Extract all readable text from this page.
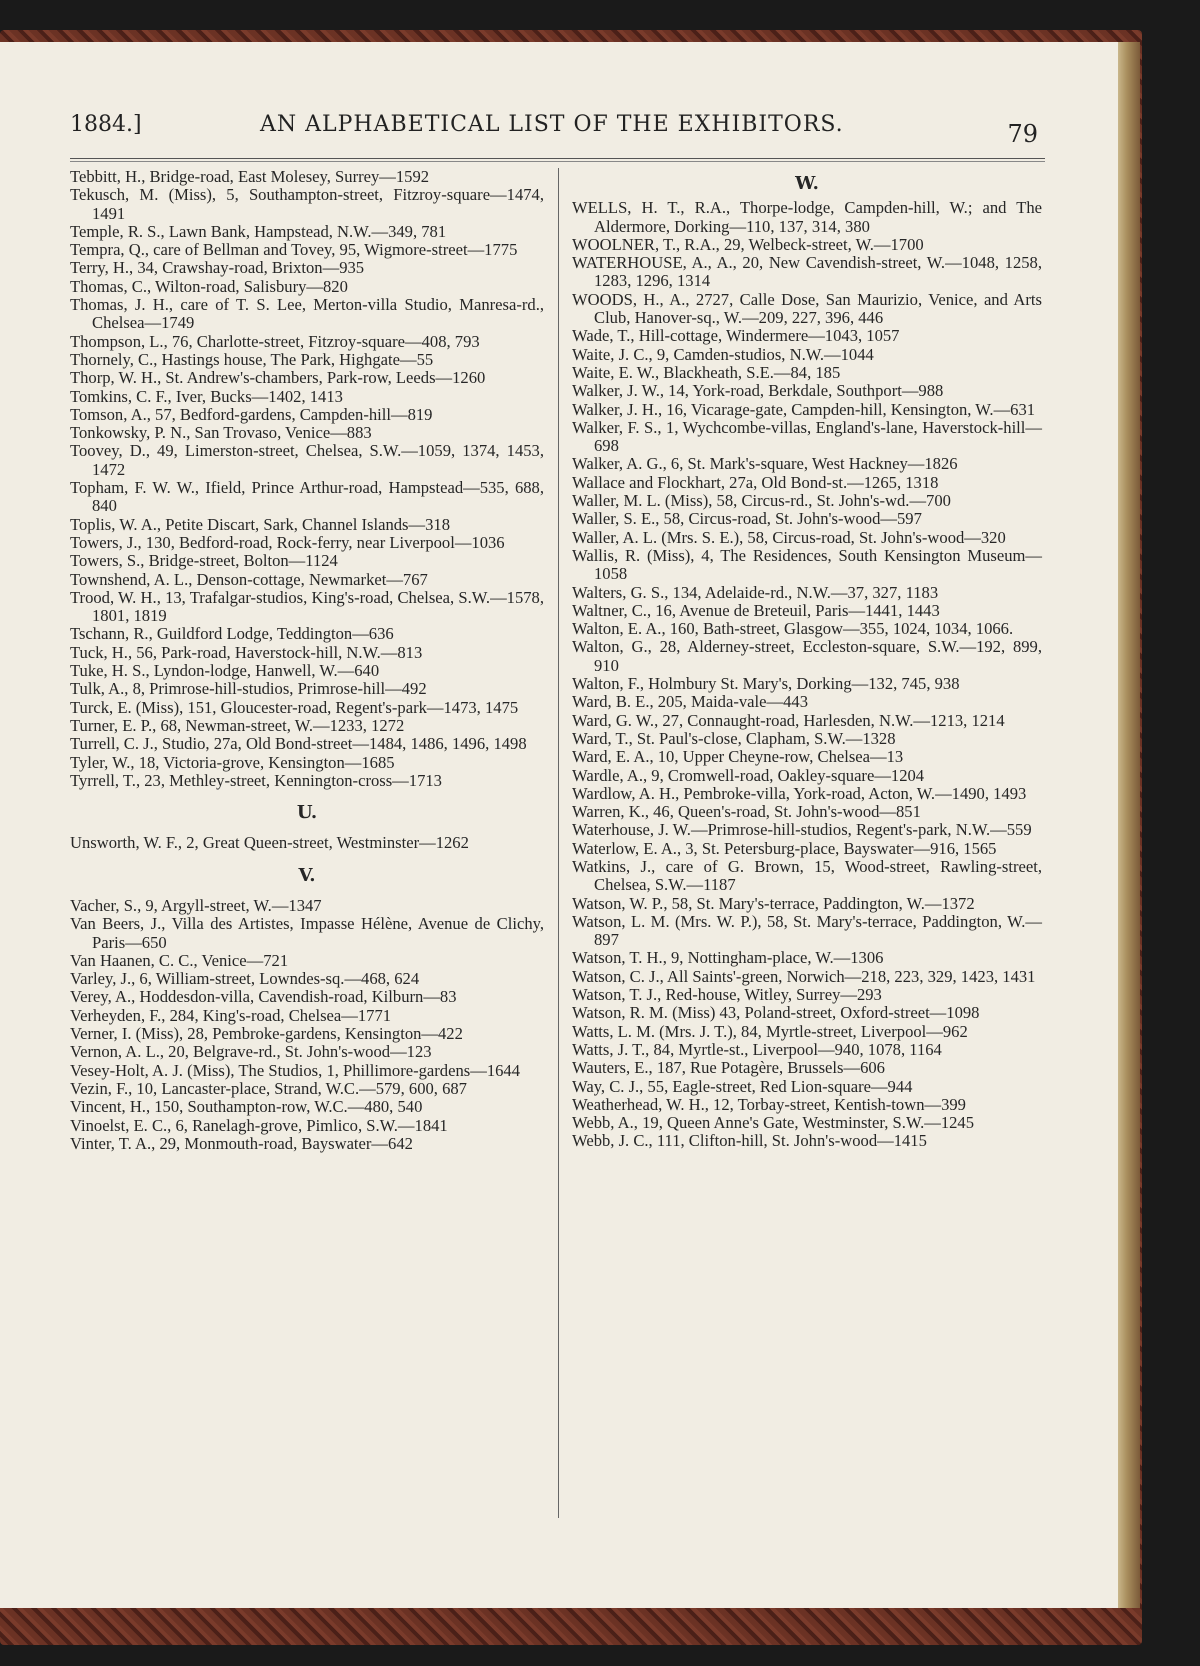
1884.]	AN ALPHABETICAL LIST OF THE EXHIBITORS.	79

Tebbitt, H., Bridge-road, East Molesey, Surrey—1592

Tekusch, M. (Miss), 5, Southampton-street, Fitzroy-square—1474, 1491

Temple, R. S., Lawn Bank, Hampstead, N.W.—349, 781

Tempra, Q., care of Bellman and Tovey, 95, Wigmore-street—1775

Terry, H., 34, Crawshay-road, Brixton—935

Thomas, C., Wilton-road, Salisbury—820

Thomas, J. H., care of T. S. Lee, Merton-villa Studio, Manresa-rd., Chelsea—1749

Thompson, L., 76, Charlotte-street, Fitzroy-square—408, 793

Thornely, C., Hastings house, The Park, Highgate—55

Thorp, W. H., St. Andrew's-chambers, Park-row, Leeds—1260

Tomkins, C. F., Iver, Bucks—1402, 1413

Tomson, A., 57, Bedford-gardens, Campden-hill—819

Tonkowsky, P. N., San Trovaso, Venice—883

Toovey, D., 49, Limerston-street, Chelsea, S.W.—1059, 1374, 1453, 1472

Topham, F. W. W., Ifield, Prince Arthur-road, Hampstead—535, 688, 840

Toplis, W. A., Petite Discart, Sark, Channel Islands—318

Towers, J., 130, Bedford-road, Rock-ferry, near Liverpool—1036

Towers, S., Bridge-street, Bolton—1124

Townshend, A. L., Denson-cottage, Newmarket—767

Trood, W. H., 13, Trafalgar-studios, King's-road, Chelsea, S.W.—1578, 1801, 1819

Tschann, R., Guildford Lodge, Teddington—636

Tuck, H., 56, Park-road, Haverstock-hill, N.W.—813

Tuke, H. S., Lyndon-lodge, Hanwell, W.—640

Tulk, A., 8, Primrose-hill-studios, Primrose-hill—492

Turck, E. (Miss), 151, Gloucester-road, Regent's-park—1473, 1475

Turner, E. P., 68, Newman-street, W.—1233, 1272

Turrell, C. J., Studio, 27a, Old Bond-street—1484, 1486, 1496, 1498

Tyler, W., 18, Victoria-grove, Kensington—1685

Tyrrell, T., 23, Methley-street, Kennington-cross—1713

U.

Unsworth, W. F., 2, Great Queen-street, Westminster—1262

V.

Vacher, S., 9, Argyll-street, W.—1347

Van Beers, J., Villa des Artistes, Impasse Hélène, Avenue de Clichy, Paris—650

Van Haanen, C. C., Venice—721

Varley, J., 6, William-street, Lowndes-sq.—468, 624

Verey, A., Hoddesdon-villa, Cavendish-road, Kilburn—83

Verheyden, F., 284, King's-road, Chelsea—1771

Verner, I. (Miss), 28, Pembroke-gardens, Kensington—422

Vernon, A. L., 20, Belgrave-rd., St. John's-wood—123

Vesey-Holt, A. J. (Miss), The Studios, 1, Phillimore-gardens—1644

Vezin, F., 10, Lancaster-place, Strand, W.C.—579, 600, 687

Vincent, H., 150, Southampton-row, W.C.—480, 540

Vinoelst, E. C., 6, Ranelagh-grove, Pimlico, S.W.—1841

Vinter, T. A., 29, Monmouth-road, Bayswater—642

W.

WELLS, H. T., R.A., Thorpe-lodge, Campden-hill, W.; and The Aldermore, Dorking—110, 137, 314, 380

WOOLNER, T., R.A., 29, Welbeck-street, W.—1700

WATERHOUSE, A., A., 20, New Cavendish-street, W.—1048, 1258, 1283, 1296, 1314

WOODS, H., A., 2727, Calle Dose, San Maurizio, Venice, and Arts Club, Hanover-sq., W.—209, 227, 396, 446

Wade, T., Hill-cottage, Windermere—1043, 1057

Waite, J. C., 9, Camden-studios, N.W.—1044

Waite, E. W., Blackheath, S.E.—84, 185

Walker, J. W., 14, York-road, Berkdale, Southport—988

Walker, J. H., 16, Vicarage-gate, Campden-hill, Kensington, W.—631

Walker, F. S., 1, Wychcombe-villas, England's-lane, Haverstock-hill—698

Walker, A. G., 6, St. Mark's-square, West Hackney—1826

Wallace and Flockhart, 27a, Old Bond-st.—1265, 1318

Waller, M. L. (Miss), 58, Circus-rd., St. John's-wd.—700

Waller, S. E., 58, Circus-road, St. John's-wood—597

Waller, A. L. (Mrs. S. E.), 58, Circus-road, St. John's-wood—320

Wallis, R. (Miss), 4, The Residences, South Kensington Museum—1058

Walters, G. S., 134, Adelaide-rd., N.W.—37, 327, 1183

Waltner, C., 16, Avenue de Breteuil, Paris—1441, 1443

Walton, E. A., 160, Bath-street, Glasgow—355, 1024, 1034, 1066.

Walton, G., 28, Alderney-street, Eccleston-square, S.W.—192, 899, 910

Walton, F., Holmbury St. Mary's, Dorking—132, 745, 938

Ward, B. E., 205, Maida-vale—443

Ward, G. W., 27, Connaught-road, Harlesden, N.W.—1213, 1214

Ward, T., St. Paul's-close, Clapham, S.W.—1328

Ward, E. A., 10, Upper Cheyne-row, Chelsea—13

Wardle, A., 9, Cromwell-road, Oakley-square—1204

Wardlow, A. H., Pembroke-villa, York-road, Acton, W.—1490, 1493

Warren, K., 46, Queen's-road, St. John's-wood—851

Waterhouse, J. W.—Primrose-hill-studios, Regent's-park, N.W.—559

Waterlow, E. A., 3, St. Petersburg-place, Bayswater—916, 1565

Watkins, J., care of G. Brown, 15, Wood-street, Rawling-street, Chelsea, S.W.—1187

Watson, W. P., 58, St. Mary's-terrace, Paddington, W.—1372

Watson, L. M. (Mrs. W. P.), 58, St. Mary's-terrace, Paddington, W.—897

Watson, T. H., 9, Nottingham-place, W.—1306

Watson, C. J., All Saints'-green, Norwich—218, 223, 329, 1423, 1431

Watson, T. J., Red-house, Witley, Surrey—293

Watson, R. M. (Miss) 43, Poland-street, Oxford-street—1098

Watts, L. M. (Mrs. J. T.), 84, Myrtle-street, Liverpool—962

Watts, J. T., 84, Myrtle-st., Liverpool—940, 1078, 1164

Wauters, E., 187, Rue Potagère, Brussels—606

Way, C. J., 55, Eagle-street, Red Lion-square—944

Weatherhead, W. H., 12, Torbay-street, Kentish-town—399

Webb, A., 19, Queen Anne's Gate, Westminster, S.W.—1245

Webb, J. C., 111, Clifton-hill, St. John's-wood—1415
